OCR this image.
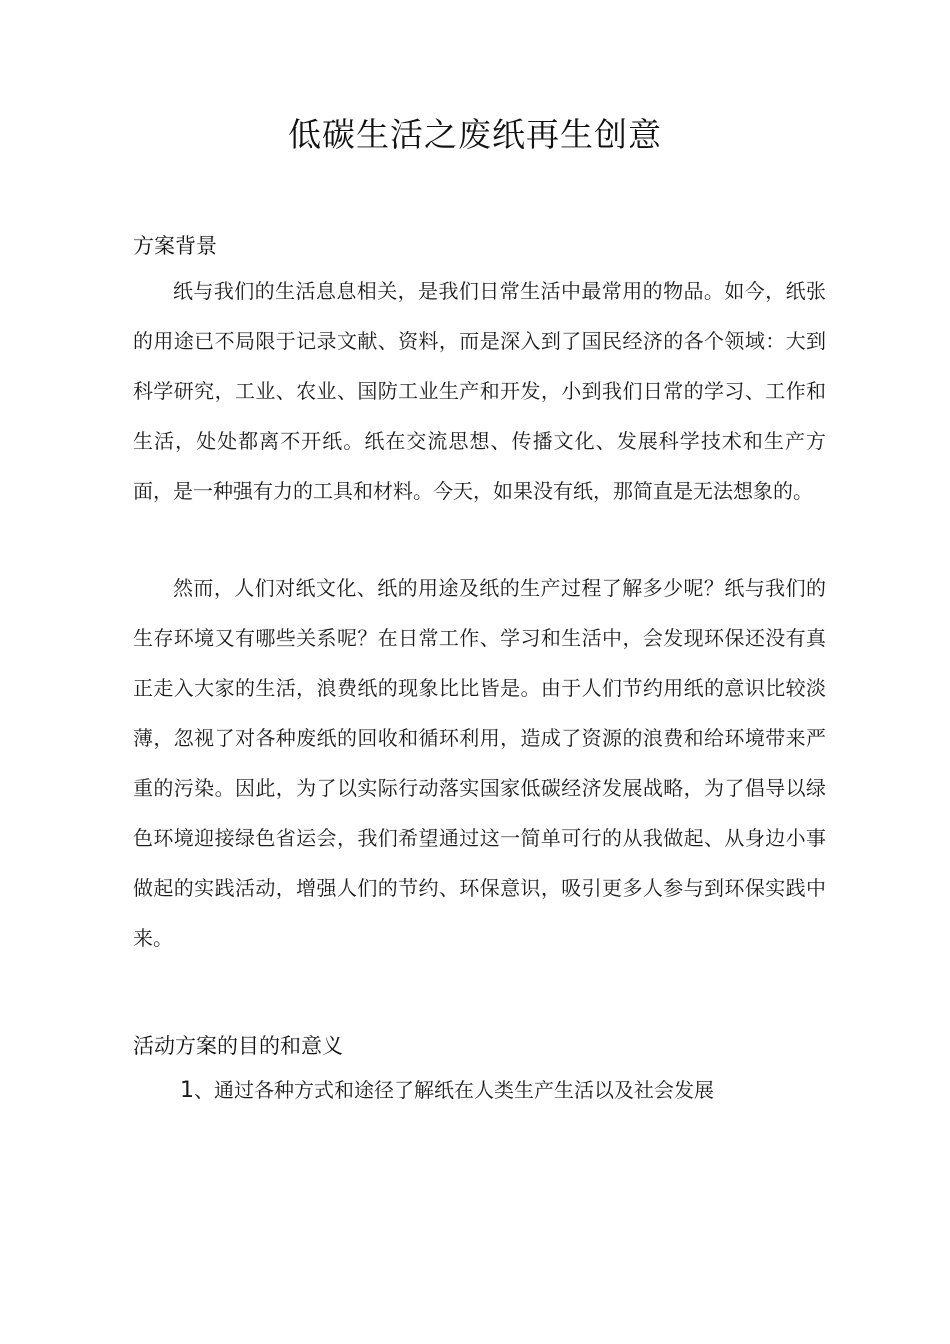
低碳生活之废纸再生创意
方案背景

纸与我们的生活息息相关，是我们日常生活中最常用的物品。如今，纸张的用途已不局限于记录文献、资料，而是深入到了国民经济的各个领域：大到科学研究，工业、农业、国防工业生产和开发，小到我们日常的学习、工作和生活，处处都离不开纸。纸在交流思想、传播文化、发展科学技术和生产方面，是一种强有力的工具和材料。今天，如果没有纸，那简直是无法想象的。

然而，人们对纸文化、纸的用途及纸的生产过程了解多少呢？纸与我们的生存环境又有哪些关系呢？在日常工作、学习和生活中，会发现环保还没有真正走入大家的生活，浪费纸的现象比比皆是。由于人们节约用纸的意识比较淡薄，忽视了对各种废纸的回收和循环利用，造成了资源的浪费和给环境带来严重的污染。因此，为了以实际行动落实国家低碳经济发展战略，为了倡导以绿色环境迎接绿色省运会，我们希望通过这一简单可行的从我做起、从身边小事做起的实践活动，增强人们的节约、环保意识，吸引更多人参与到环保实践中来。

活动方案的目的和意义
1、通过各种方式和途径了解纸在人类生产生活以及社会发展
